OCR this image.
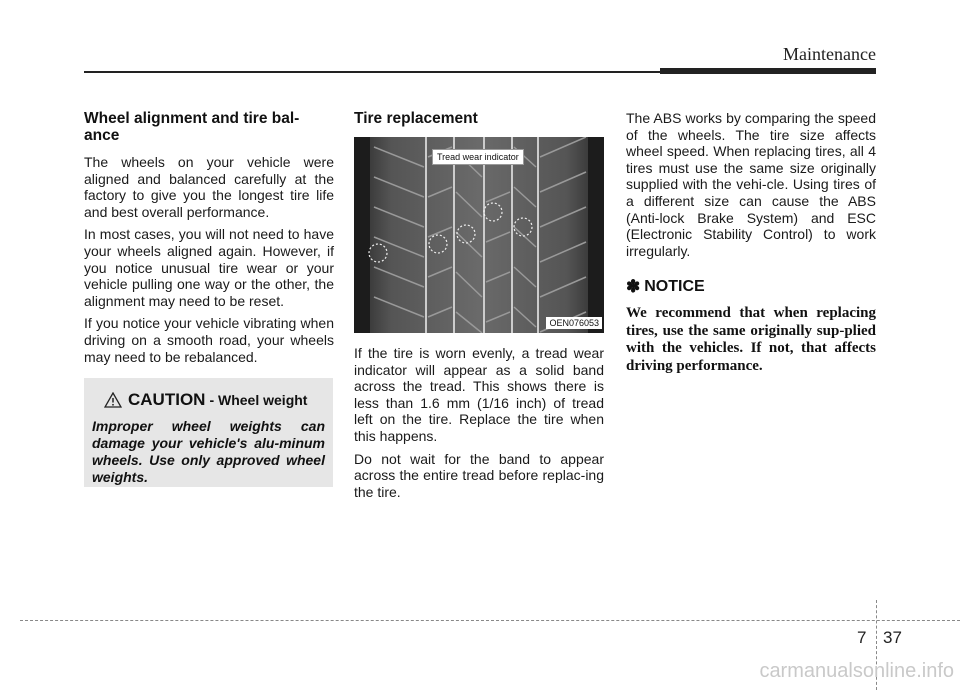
Maintenance
Wheel alignment and tire bal-
ance

The wheels on your vehicle were aligned and balanced carefully at the factory to give you the longest tire life and best overall performance.

In most cases, you will not need to have your wheels aligned again. However, if you notice unusual tire wear or your vehicle pulling one way or the other, the alignment may need to be reset.

If you notice your vehicle vibrating when driving on a smooth road, your wheels may need to be rebalanced.

CAUTION - Wheel weight
Improper wheel weights can damage your vehicle's alu-minum wheels. Use only approved wheel weights.
Tire replacement
Tread wear indicator
OEN076053

If the tire is worn evenly, a tread wear indicator will appear as a solid band across the tread. This shows there is less than 1.6 mm (1/16 inch) of tread left on the tire. Replace the tire when this happens.

Do not wait for the band to appear across the entire tread before replac-ing the tire.

The ABS works by comparing the speed of the wheels. The tire size affects wheel speed. When replacing tires, all 4 tires must use the same size originally supplied with the vehi-cle. Using tires of a different size can cause the ABS (Anti-lock Brake System) and ESC (Electronic Stability Control) to work irregularly.

✽ NOTICE
We recommend that when replacing tires, use the same originally sup-plied with the vehicles. If not, that affects driving performance.
7 37
carmanualsonline.info
